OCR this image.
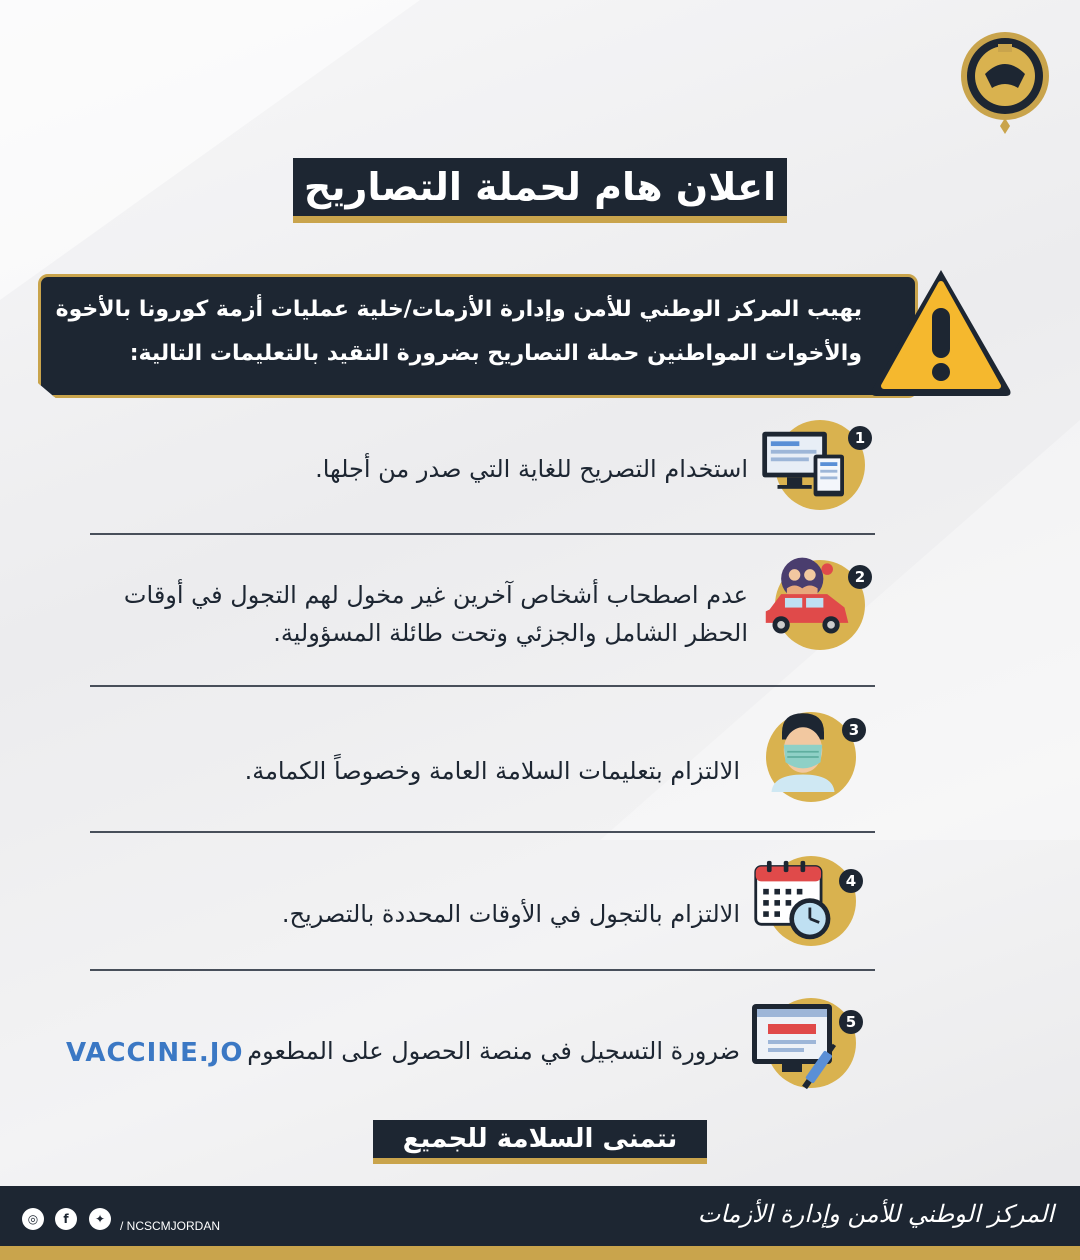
اعلان هام لحملة التصاريح
يهيب المركز الوطني للأمن وإدارة الأزمات/خلية عمليات أزمة كورونا بالأخوة
والأخوات المواطنين حملة التصاريح بضرورة التقيد بالتعليمات التالية:
1
استخدام التصريح للغاية التي صدر من أجلها.
2
عدم اصطحاب أشخاص آخرين غير مخول لهم التجول في أوقات
الحظر الشامل والجزئي وتحت طائلة المسؤولية.
3
الالتزام بتعليمات السلامة العامة وخصوصاً الكمامة.
4
الالتزام بالتجول في الأوقات المحددة بالتصريح.
5
ضرورة التسجيل في منصة الحصول على المطعوم
VACCINE.JO
نتمنى السلامة للجميع
◎	f	✦	/ NCSCMJORDAN	المركز الوطني للأمن وإدارة الأزمات
